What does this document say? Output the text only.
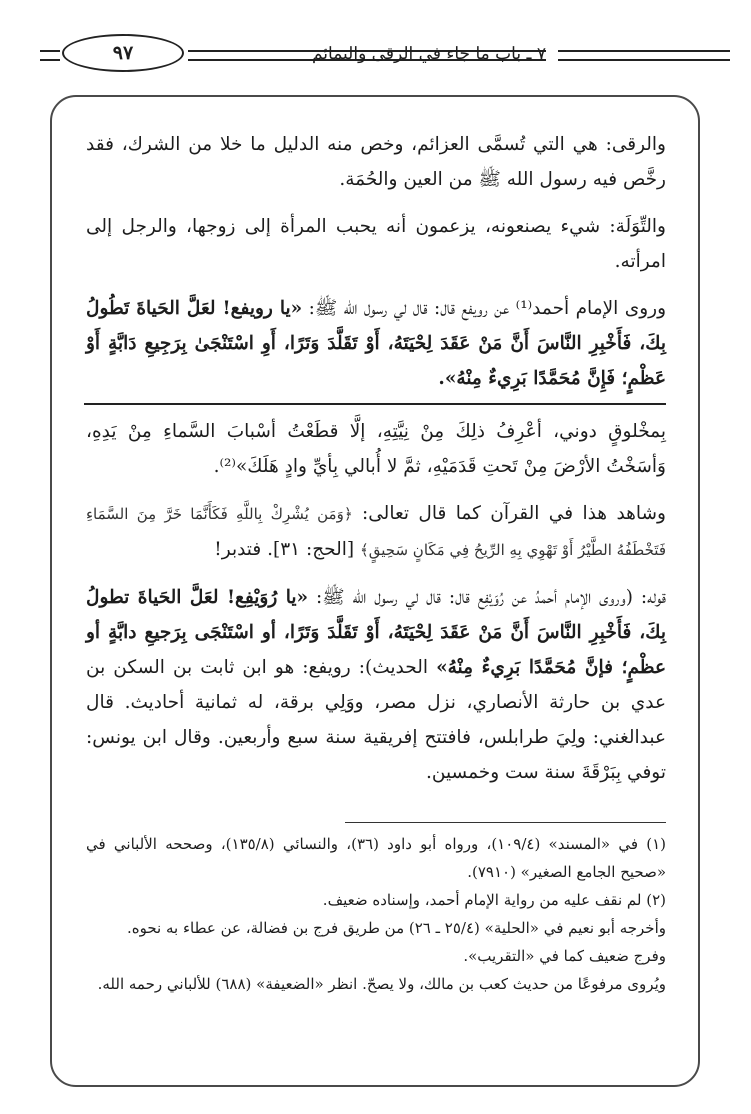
٩٧	٧ ـ باب ما جاء في الرقى والتمائم

والرقى: هي التي تُسمَّى العزائم، وخص منه الدليل ما خلا من الشرك، فقد رخَّص فيه رسول الله ﷺ من العين والحُمَة.

والتِّوَلَة: شيء يصنعونه، يزعمون أنه يحبب المرأة إلى زوجها، والرجل إلى امرأته.

وروى الإمام أحمد⁽¹⁾ عن رويفع قال: قال لي رسول الله ﷺ: «يا رويفع! لعَلَّ الحَياةَ تَطُولُ بِكَ، فَأَخْبِرِ النَّاسَ أَنَّ مَنْ عَقَدَ لِحْيَتَهُ، أَوْ تَقَلَّدَ وَتَرًا، أَوِ اسْتَنْجَىٰ بِرَجِيعِ دَابَّةٍ أَوْ عَظْمٍ؛ فَإِنَّ مُحَمَّدًا بَرِيءٌ مِنْهُ».

بِمخْلوقٍ دوني، أعْرِفُ ذلِكَ مِنْ نِيَّتِهِ، إلَّا قطَعْتُ أسْبابَ السَّماءِ مِنْ يَدِهِ، وَأسَخْتُ الأرْضَ مِنْ تَحتِ قَدَمَيْهِ، ثمَّ لا أُبالي بِأيِّ وادٍ هَلَكَ»⁽²⁾.

وشاهد هذا في القرآن كما قال تعالى: ﴿وَمَن يُشْرِكْ بِاللَّهِ فَكَأَنَّمَا خَرَّ مِنَ السَّمَاءِ فَتَخْطَفُهُ الطَّيْرُ أَوْ تَهْوِي بِهِ الرِّيحُ فِي مَكَانٍ سَحِيقٍ﴾ [الحج: ٣١]. فتدبر!

قوله: (وروى الإمام أحمدُ عن رُوَيْفِع قال: قال لي رسول الله ﷺ: «يا رُوَيْفِع! لعَلَّ الحَياةَ تطولُ بِكَ، فَأَخْبِرِ النَّاسَ أَنَّ مَنْ عَقَدَ لِحْيَتَهُ، أَوْ تَقَلَّدَ وَتَرًا، أو اسْتَنْجَى بِرَجيعِ دابَّةٍ أو عظْمٍ؛ فإنَّ مُحَمَّدًا بَرِيءٌ مِنْهُ» الحديث): رويفع: هو ابن ثابت بن السكن بن عدي بن حارثة الأنصاري، نزل مصر، ووَلِي برقة، له ثمانية أحاديث. قال عبدالغني: ولِيَ طرابلس، فافتتح إفريقية سنة سبع وأربعين. وقال ابن يونس: توفي بِبَرْقَةَ سنة ست وخمسين.

(١) في «المسند» (١٠٩/٤)، ورواه أبو داود (٣٦)، والنسائي (١٣٥/٨)، وصححه الألباني في «صحيح الجامع الصغير» (٧٩١٠).

(٢) لم نقف عليه من رواية الإمام أحمد، وإسناده ضعيف.

وأخرجه أبو نعيم في «الحلية» (٢٥/٤ ـ ٢٦) من طريق فرج بن فضالة، عن عطاء به نحوه.

وفرج ضعيف كما في «التقريب».

ويُروى مرفوعًا من حديث كعب بن مالك، ولا يصحّ. انظر «الضعيفة» (٦٨٨) للألباني رحمه الله.
